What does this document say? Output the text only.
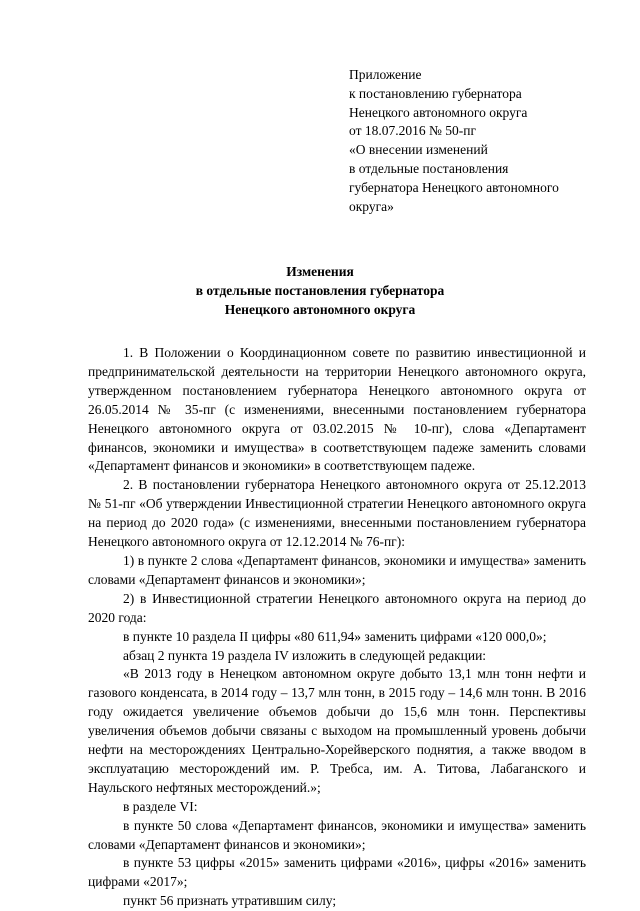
Приложение
к постановлению губернатора
Ненецкого автономного округа
от 18.07.2016 № 50-пг
«О внесении изменений
в отдельные постановления
губернатора Ненецкого автономного
округа»
Изменения
в отдельные постановления губернатора
Ненецкого автономного округа

1. В Положении о Координационном совете по развитию инвестиционной и предпринимательской деятельности на территории Ненецкого автономного округа, утвержденном постановлением губернатора Ненецкого автономного округа от 26.05.2014 № 35-пг (с изменениями, внесенными постановлением губернатора Ненецкого автономного округа от 03.02.2015 № 10-пг), слова «Департамент финансов, экономики и имущества» в соответствующем падеже заменить словами «Департамент финансов и экономики» в соответствующем падеже.

2. В постановлении губернатора Ненецкого автономного округа от 25.12.2013 № 51-пг «Об утверждении Инвестиционной стратегии Ненецкого автономного округа на период до 2020 года» (с изменениями, внесенными постановлением губернатора Ненецкого автономного округа от 12.12.2014 № 76-пг):

1) в пункте 2 слова «Департамент финансов, экономики и имущества» заменить словами «Департамент финансов и экономики»;

2) в Инвестиционной стратегии Ненецкого автономного округа на период до 2020 года:

в пункте 10 раздела II цифры «80 611,94» заменить цифрами «120 000,0»;

абзац 2 пункта 19 раздела IV изложить в следующей редакции:

«В 2013 году в Ненецком автономном округе добыто 13,1 млн тонн нефти и газового конденсата, в 2014 году – 13,7 млн тонн, в 2015 году – 14,6 млн тонн. В 2016 году ожидается увеличение объемов добычи до 15,6 млн тонн. Перспективы увеличения объемов добычи связаны с выходом на промышленный уровень добычи нефти на месторождениях Центрально-Хорейверского поднятия, а также вводом в эксплуатацию месторождений им. Р. Требса, им. А. Титова, Лабаганского и Наульского нефтяных месторождений.»;

в разделе VI:

в пункте 50 слова «Департамент финансов, экономики и имущества» заменить словами «Департамент финансов и экономики»;

в пункте 53 цифры «2015» заменить цифрами «2016», цифры «2016» заменить цифрами «2017»;

пункт 56 признать утратившим силу;
